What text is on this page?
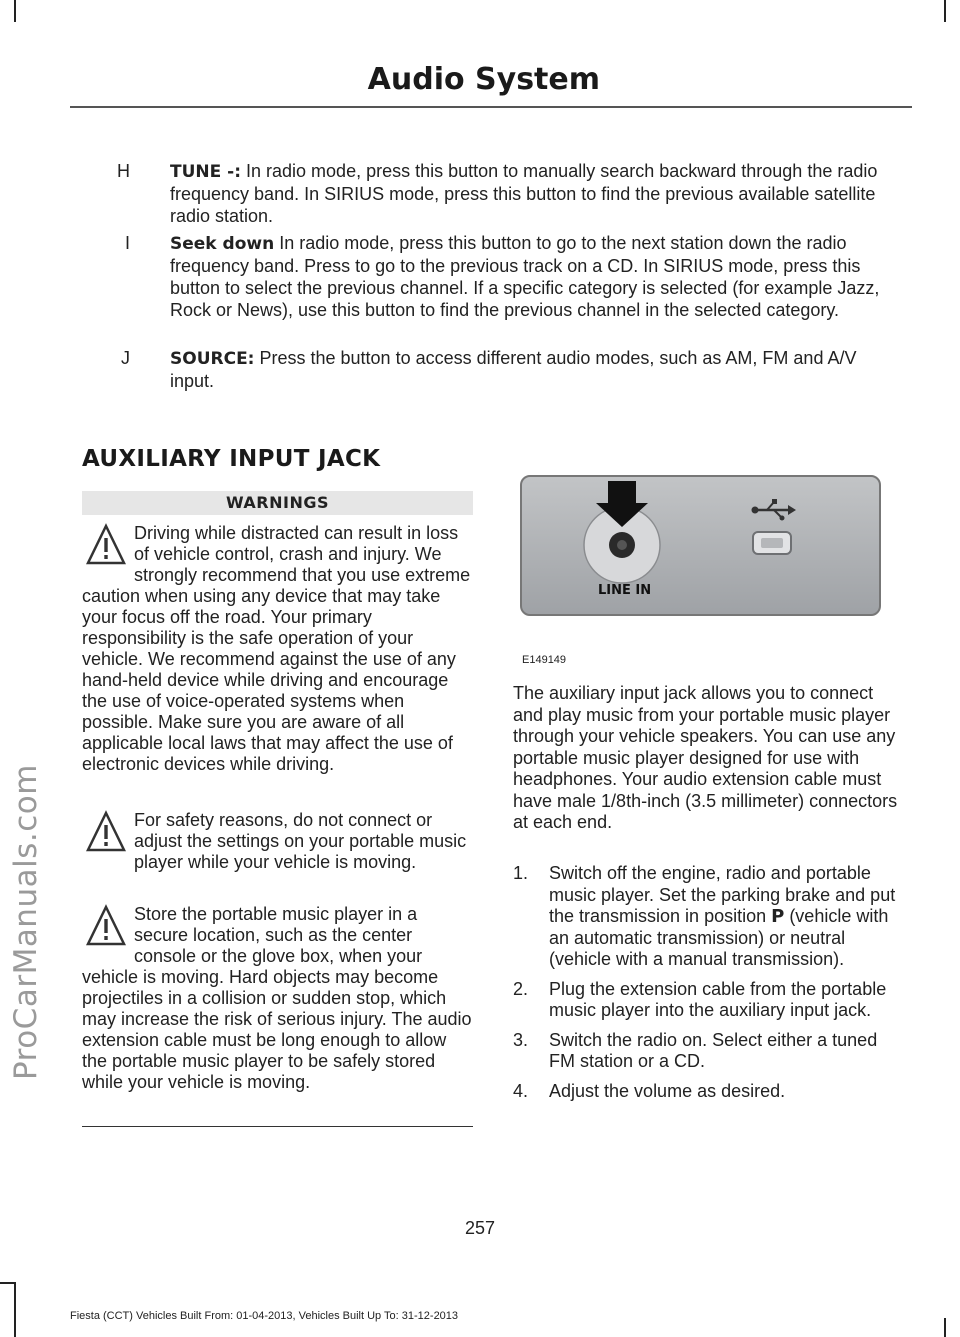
ProCarManuals.com
Audio System
H TUNE -: In radio mode, press this button to manually search backward through the radio frequency band. In SIRIUS mode, press this button to find the previous available satellite radio station.
I Seek down In radio mode, press this button to go to the next station down the radio frequency band. Press to go to the previous track on a CD. In SIRIUS mode, press this button to select the previous channel. If a specific category is selected (for example Jazz, Rock or News), use this button to find the previous channel in the selected category.
J SOURCE: Press the button to access different audio modes, such as AM, FM and A/V input.
AUXILIARY INPUT JACK
WARNINGS
Driving while distracted can result in loss of vehicle control, crash and injury. We strongly recommend that you use extreme caution when using any device that may take your focus off the road. Your primary responsibility is the safe operation of your vehicle. We recommend against the use of any hand-held device while driving and encourage the use of voice-operated systems when possible. Make sure you are aware of all applicable local laws that may affect the use of electronic devices while driving.
For safety reasons, do not connect or adjust the settings on your portable music player while your vehicle is moving.
Store the portable music player in a secure location, such as the center console or the glove box, when your vehicle is moving. Hard objects may become projectiles in a collision or sudden stop, which may increase the risk of serious injury. The audio extension cable must be long enough to allow the portable music player to be safely stored while your vehicle is moving.
LINE IN
E149149
The auxiliary input jack allows you to connect and play music from your portable music player through your vehicle speakers. You can use any portable music player designed for use with headphones. Your audio extension cable must have male 1/8th-inch (3.5 millimeter) connectors at each end.
1. Switch off the engine, radio and portable music player. Set the parking brake and put the transmission in position P (vehicle with an automatic transmission) or neutral (vehicle with a manual transmission).
2. Plug the extension cable from the portable music player into the auxiliary input jack.
3. Switch the radio on. Select either a tuned FM station or a CD.
4. Adjust the volume as desired.
257
Fiesta (CCT) Vehicles Built From: 01-04-2013, Vehicles Built Up To: 31-12-2013
